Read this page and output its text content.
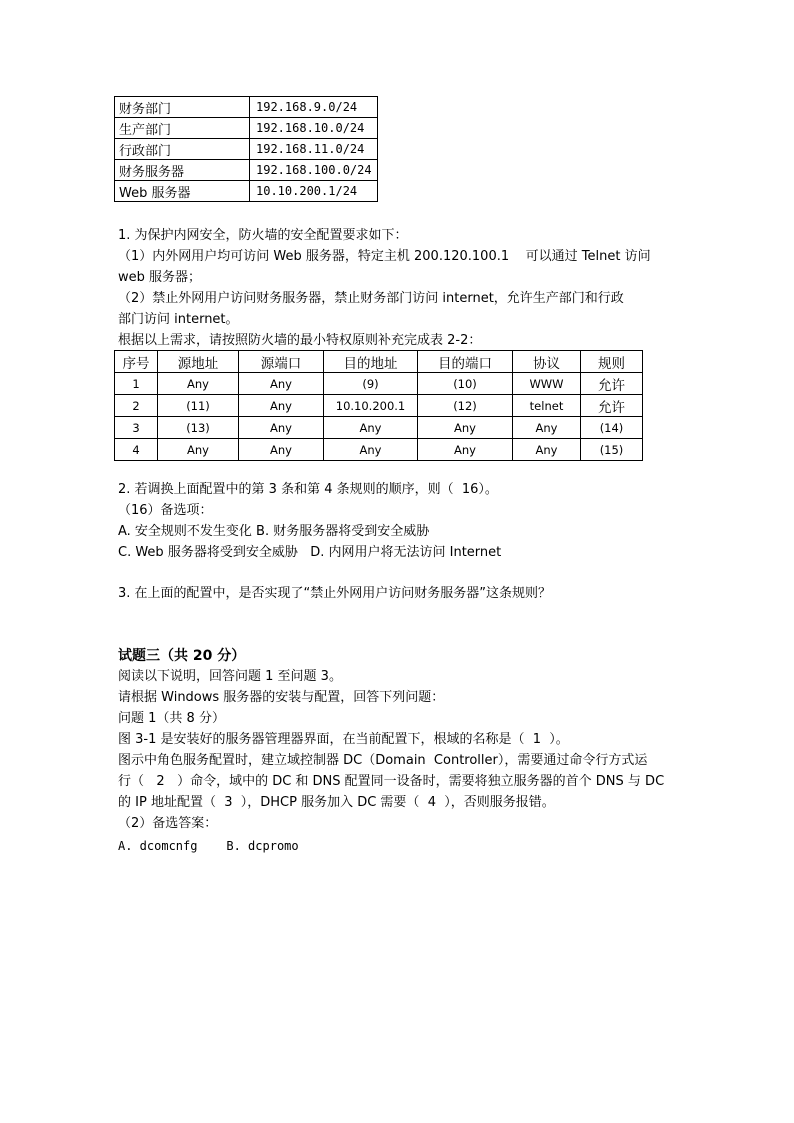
财务部门	192.168.9.0/24
生产部门	192.168.10.0/24
行政部门	192.168.11.0/24
财务服务器	192.168.100.0/24
Web 服务器	10.10.200.1/24
1. 为保护内网安全，防火墙的安全配置要求如下：
（1）内外网用户均可访问 Web 服务器，特定主机 200.120.100.1    可以通过 Telnet 访问
web 服务器；
（2）禁止外网用户访问财务服务器，禁止财务部门访问 internet，允许生产部门和行政
部门访问 internet。
根据以上需求，请按照防火墙的最小特权原则补充完成表 2-2：
序号	源地址	源端口	目的地址	目的端口	协议	规则
1	Any	Any	(9)	(10)	WWW	允许
2	(11)	Any	10.10.200.1	(12)	telnet	允许
3	(13)	Any	Any	Any	Any	(14)
4	Any	Any	Any	Any	Any	(15)
2. 若调换上面配置中的第 3 条和第 4 条规则的顺序，则（  16）。
（16）备选项：
A. 安全规则不发生变化 B. 财务服务器将受到安全威胁
C. Web 服务器将受到安全威胁   D. 内网用户将无法访问 Internet
3. 在上面的配置中，是否实现了“禁止外网用户访问财务服务器”这条规则？
试题三（共 20 分）
阅读以下说明，回答问题 1 至问题 3。
请根据 Windows 服务器的安装与配置，回答下列问题：
问题 1（共 8 分）
图 3-1 是安装好的服务器管理器界面，在当前配置下，根域的名称是（  1  ）。
图示中角色服务配置时，建立域控制器 DC（Domain  Controller），需要通过命令行方式运
行（   2   ）命令，域中的 DC 和 DNS 配置同一设备时，需要将独立服务器的首个 DNS 与 DC
的 IP 地址配置（  3  ），DHCP 服务加入 DC 需要（  4  ），否则服务报错。
（2）备选答案：
A. dcomcnfg    B. dcpromo
